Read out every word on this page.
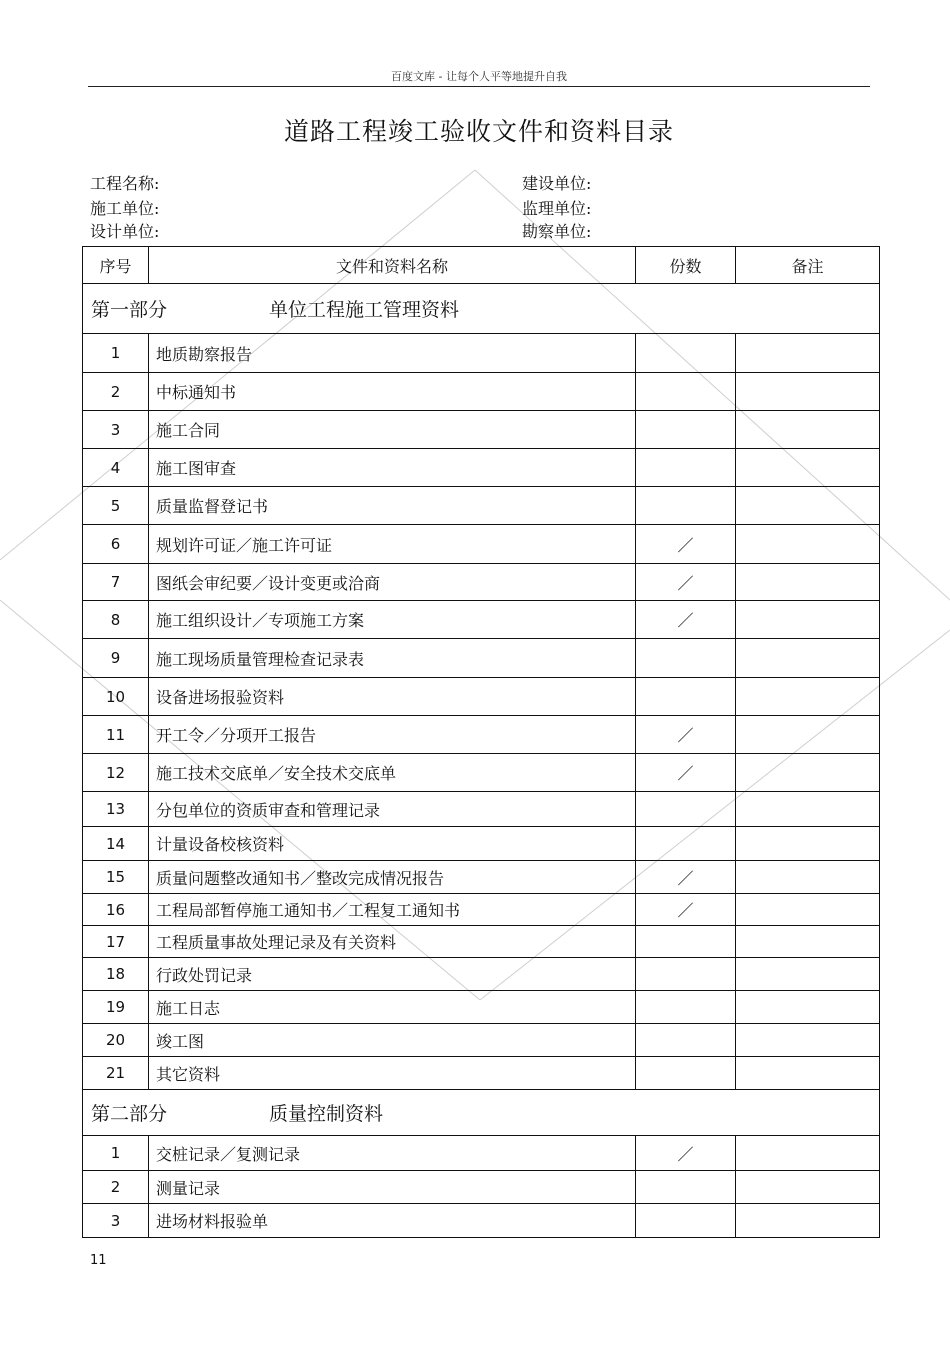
百度文库 - 让每个人平等地提升自我
道路工程竣工验收文件和资料目录
工程名称:
施工单位:
设计单位:
建设单位:
监理单位:
勘察单位:
序号	文件和资料名称	份数	备注
第一部分 单位工程施工管理资料			
1	地质勘察报告		
2	中标通知书		
3	施工合同		
4	施工图审查		
5	质量监督登记书		
6	规划许可证／施工许可证	／	
7	图纸会审纪要／设计变更或洽商	／	
8	施工组织设计／专项施工方案	／	
9	施工现场质量管理检查记录表		
10	设备进场报验资料		
11	开工令／分项开工报告	／	
12	施工技术交底单／安全技术交底单	／	
13	分包单位的资质审查和管理记录		
14	计量设备校核资料		
15	质量问题整改通知书／整改完成情况报告	／	
16	工程局部暂停施工通知书／工程复工通知书	／	
17	工程质量事故处理记录及有关资料		
18	行政处罚记录		
19	施工日志		
20	竣工图		
21	其它资料		
第二部分 质量控制资料			
1	交桩记录／复测记录	／	
2	测量记录		
3	进场材料报验单		
11
